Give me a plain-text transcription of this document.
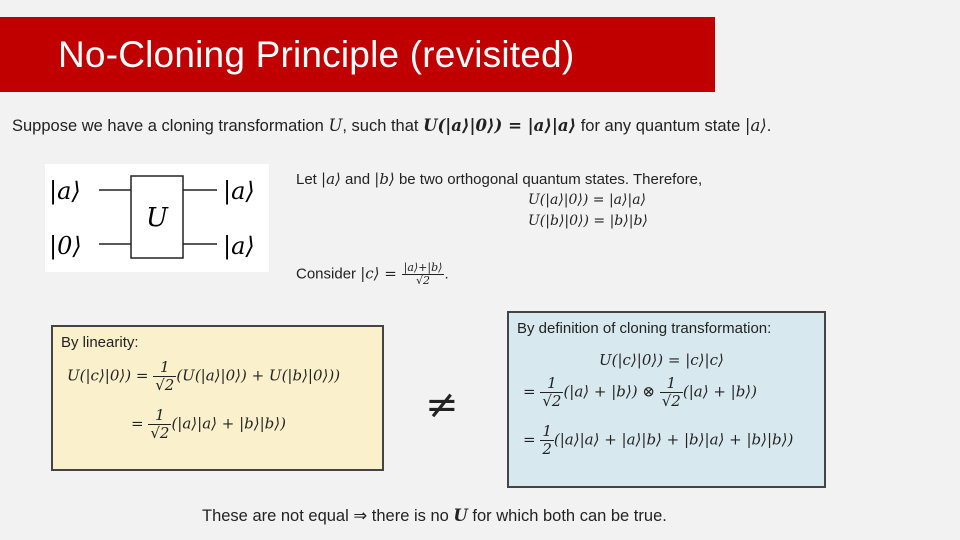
No-Cloning Principle (revisited)
Suppose we have a cloning transformation U, such that U(|a⟩|0⟩) = |a⟩|a⟩ for any quantum state |a⟩.
U
|a⟩
|0⟩
|a⟩
|a⟩
Let |a⟩ and |b⟩ be two orthogonal quantum states. Therefore,
U(|a⟩|0⟩) = |a⟩|a⟩
U(|b⟩|0⟩) = |b⟩|b⟩
Consider |c⟩ = $\frac{|a⟩+|b⟩}{√2}$ .
By linearity:
U(|c⟩|0⟩) = $\frac{1}{√2}$ (U(|a⟩|0⟩) + U(|b⟩|0⟩))
= $\frac{1}{√2}$ (|a⟩|a⟩ + |b⟩|b⟩)	≠
By definition of cloning transformation:
U(|c⟩|0⟩) = |c⟩|c⟩
= $\frac{1}{√2}$ (|a⟩ + |b⟩) ⊗ $\frac{1}{√2}$ (|a⟩ + |b⟩)
= $\frac{1}{2}$ (|a⟩|a⟩ + |a⟩|b⟩ + |b⟩|a⟩ + |b⟩|b⟩)
These are not equal ⇒ there is no U for which both can be true.
